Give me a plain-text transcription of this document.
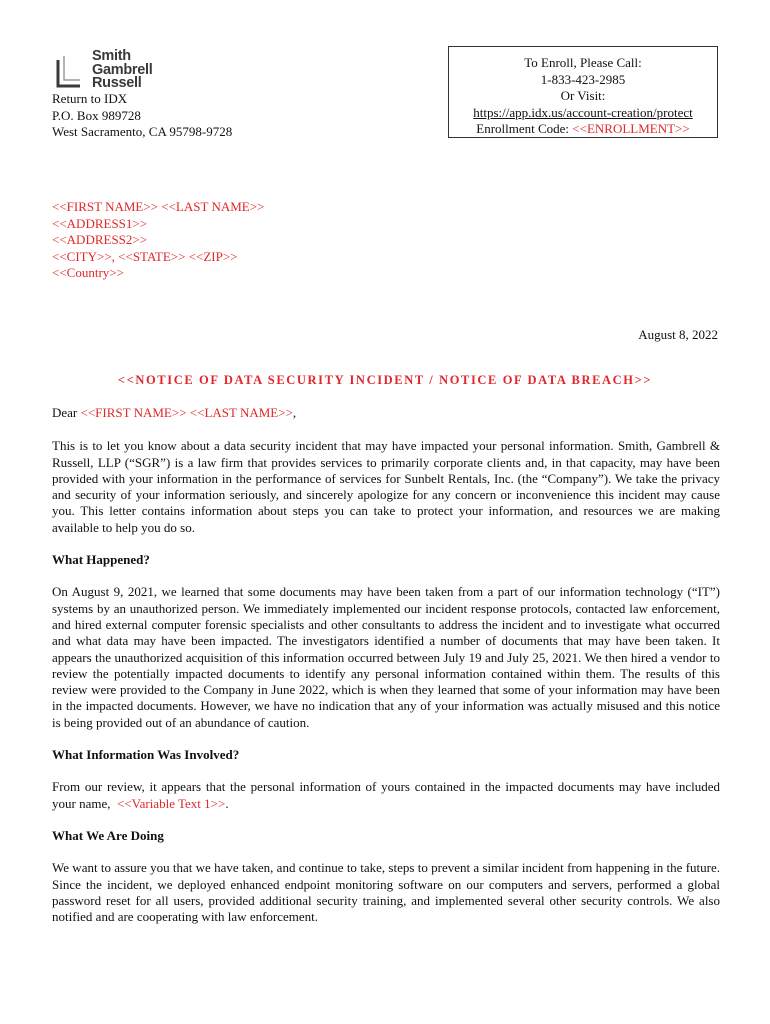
Smith
Gambrell
Russell
Return to IDX
P.O. Box 989728
West Sacramento, CA 95798-9728
To Enroll, Please Call:
1-833-423-2985
Or Visit:
https://app.idx.us/account-creation/protect
Enrollment Code: <<ENROLLMENT>>
<<FIRST NAME>> <<LAST NAME>>
<<ADDRESS1>>
<<ADDRESS2>>
<<CITY>>, <<STATE>> <<ZIP>>
<<Country>>
August 8, 2022
<<NOTICE OF DATA SECURITY INCIDENT / NOTICE OF DATA BREACH>>

Dear <<FIRST NAME>> <<LAST NAME>>,

This is to let you know about a data security incident that may have impacted your personal information. Smith, Gambrell & Russell, LLP (“SGR”) is a law firm that provides services to primarily corporate clients and, in that capacity, may have been provided with your information in the performance of services for Sunbelt Rentals, Inc. (the “Company”). We take the privacy and security of your information seriously, and sincerely apologize for any concern or inconvenience this incident may cause you. This letter contains information about steps you can take to protect your information, and resources we are making available to help you do so.

What Happened?

On August 9, 2021, we learned that some documents may have been taken from a part of our information technology (“IT”) systems by an unauthorized person. We immediately implemented our incident response protocols, contacted law enforcement, and hired external computer forensic specialists and other consultants to address the incident and to investigate what occurred and what data may have been impacted. The investigators identified a number of documents that may have been taken. It appears the unauthorized acquisition of this information occurred between July 19 and July 25, 2021. We then hired a vendor to review the potentially impacted documents to identify any personal information contained within them. The results of this review were provided to the Company in June 2022, which is when they learned that some of your information may have been in the impacted documents. However, we have no indication that any of your information was actually misused and this notice is being provided out of an abundance of caution.

What Information Was Involved?

From our review, it appears that the personal information of yours contained in the impacted documents may have included your name, <<Variable Text 1>>.

What We Are Doing

We want to assure you that we have taken, and continue to take, steps to prevent a similar incident from happening in the future. Since the incident, we deployed enhanced endpoint monitoring software on our computers and servers, performed a global password reset for all users, provided additional security training, and implemented several other security controls. We also notified and are cooperating with law enforcement.
